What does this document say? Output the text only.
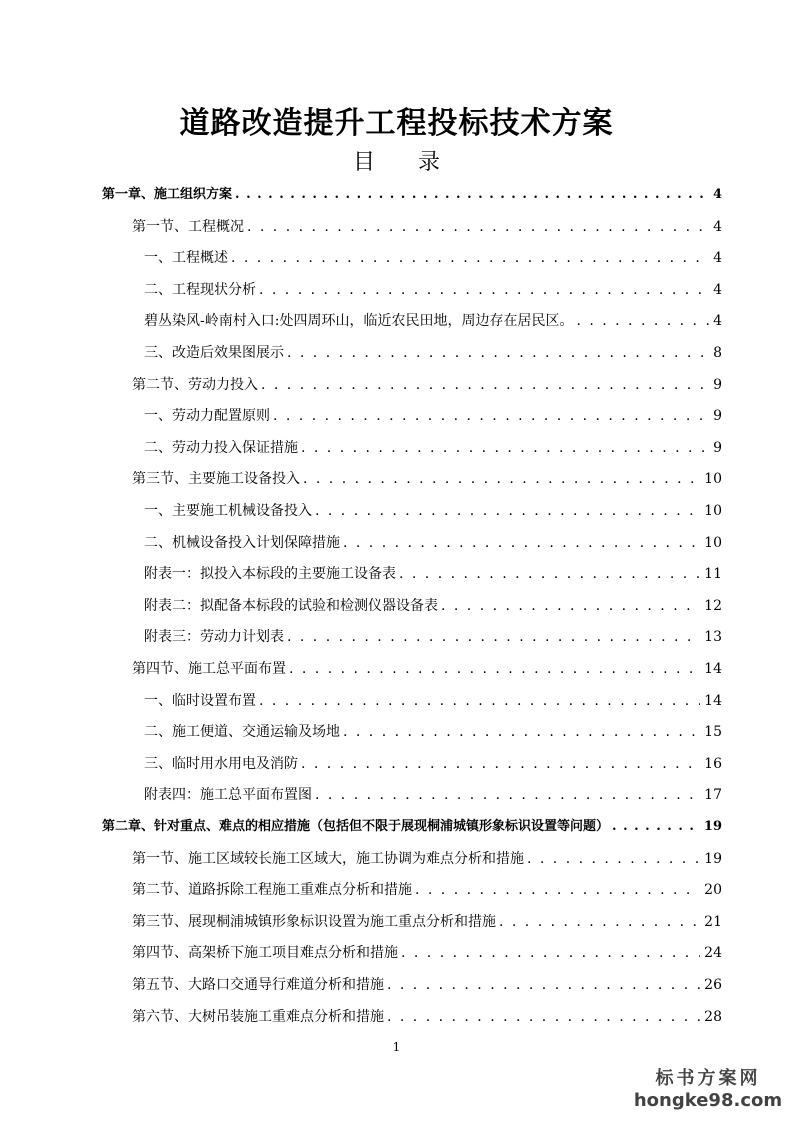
道路改造提升工程投标技术方案
目 录
第一章、施工组织方案 . . .	4
第一节、工程概况 . . .	4
一、工程概述 . . .	4
二、工程现状分析 . . .	4
碧丛染风-岭南村入口:处四周环山，临近农民田地，周边存在居民区。 . . .	4
三、改造后效果图展示 . . .	8
第二节、劳动力投入 . . .	9
一、劳动力配置原则 . . .	9
二、劳动力投入保证措施 . . .	9
第三节、主要施工设备投入 . . .	10
一、主要施工机械设备投入 . . .	10
二、机械设备投入计划保障措施 . . .	10
附表一：拟投入本标段的主要施工设备表 . . .	11
附表二：拟配备本标段的试验和检测仪器设备表 . . .	12
附表三：劳动力计划表 . . .	13
第四节、施工总平面布置 . . .	14
一、临时设置布置 . . .	14
二、施工便道、交通运输及场地 . . .	15
三、临时用水用电及消防 . . .	16
附表四：施工总平面布置图 . . .	17
第二章、针对重点、难点的相应措施（包括但不限于展现桐浦城镇形象标识设置等问题） . . .	19
第一节、施工区域较长施工区域大，施工协调为难点分析和措施 . . .	19
第二节、道路拆除工程施工重难点分析和措施 . . .	20
第三节、展现桐浦城镇形象标识设置为施工重点分析和措施 . . .	21
第四节、高架桥下施工项目难点分析和措施 . . .	24
第五节、大路口交通导行难道分析和措施 . . .	26
第六节、大树吊装施工重难点分析和措施 . . .	28
1
标书方案网
hongke98.com
